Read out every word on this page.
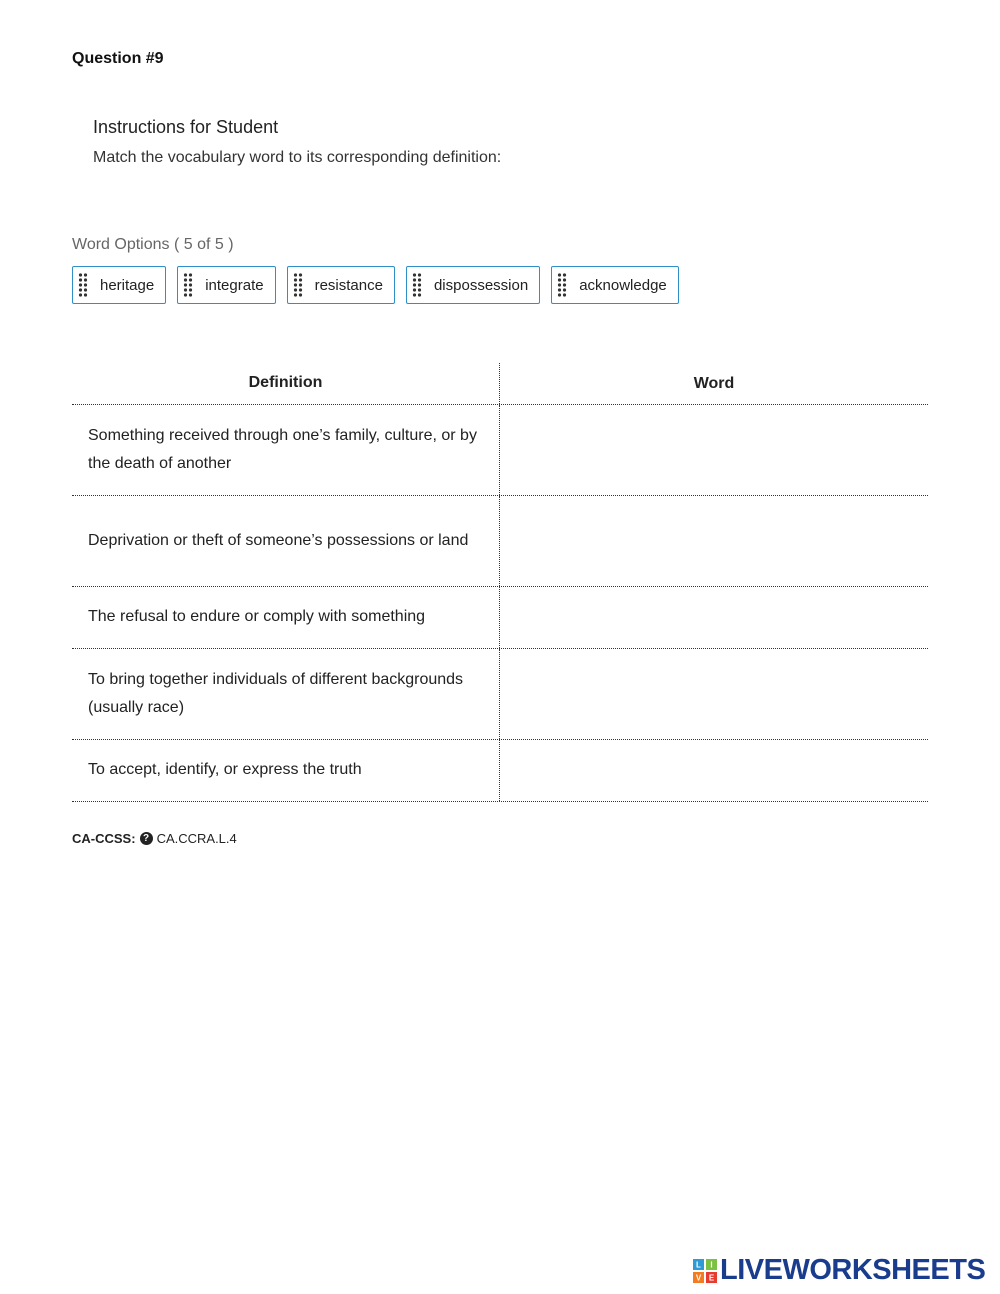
Question #9
Instructions for Student
Match the vocabulary word to its corresponding definition:
Word Options ( 5 of 5 )
heritage	integrate	resistance	dispossession	acknowledge
Definition	Word
Something received through one’s family, culture, or by the death of another
Deprivation or theft of someone’s possessions or land
The refusal to endure or comply with something
To bring together individuals of different backgrounds (usually race)
To accept, identify, or express the truth
CA-CCSS: ? CA.CCRA.L.4
L I
V E LIVEWORKSHEETS
